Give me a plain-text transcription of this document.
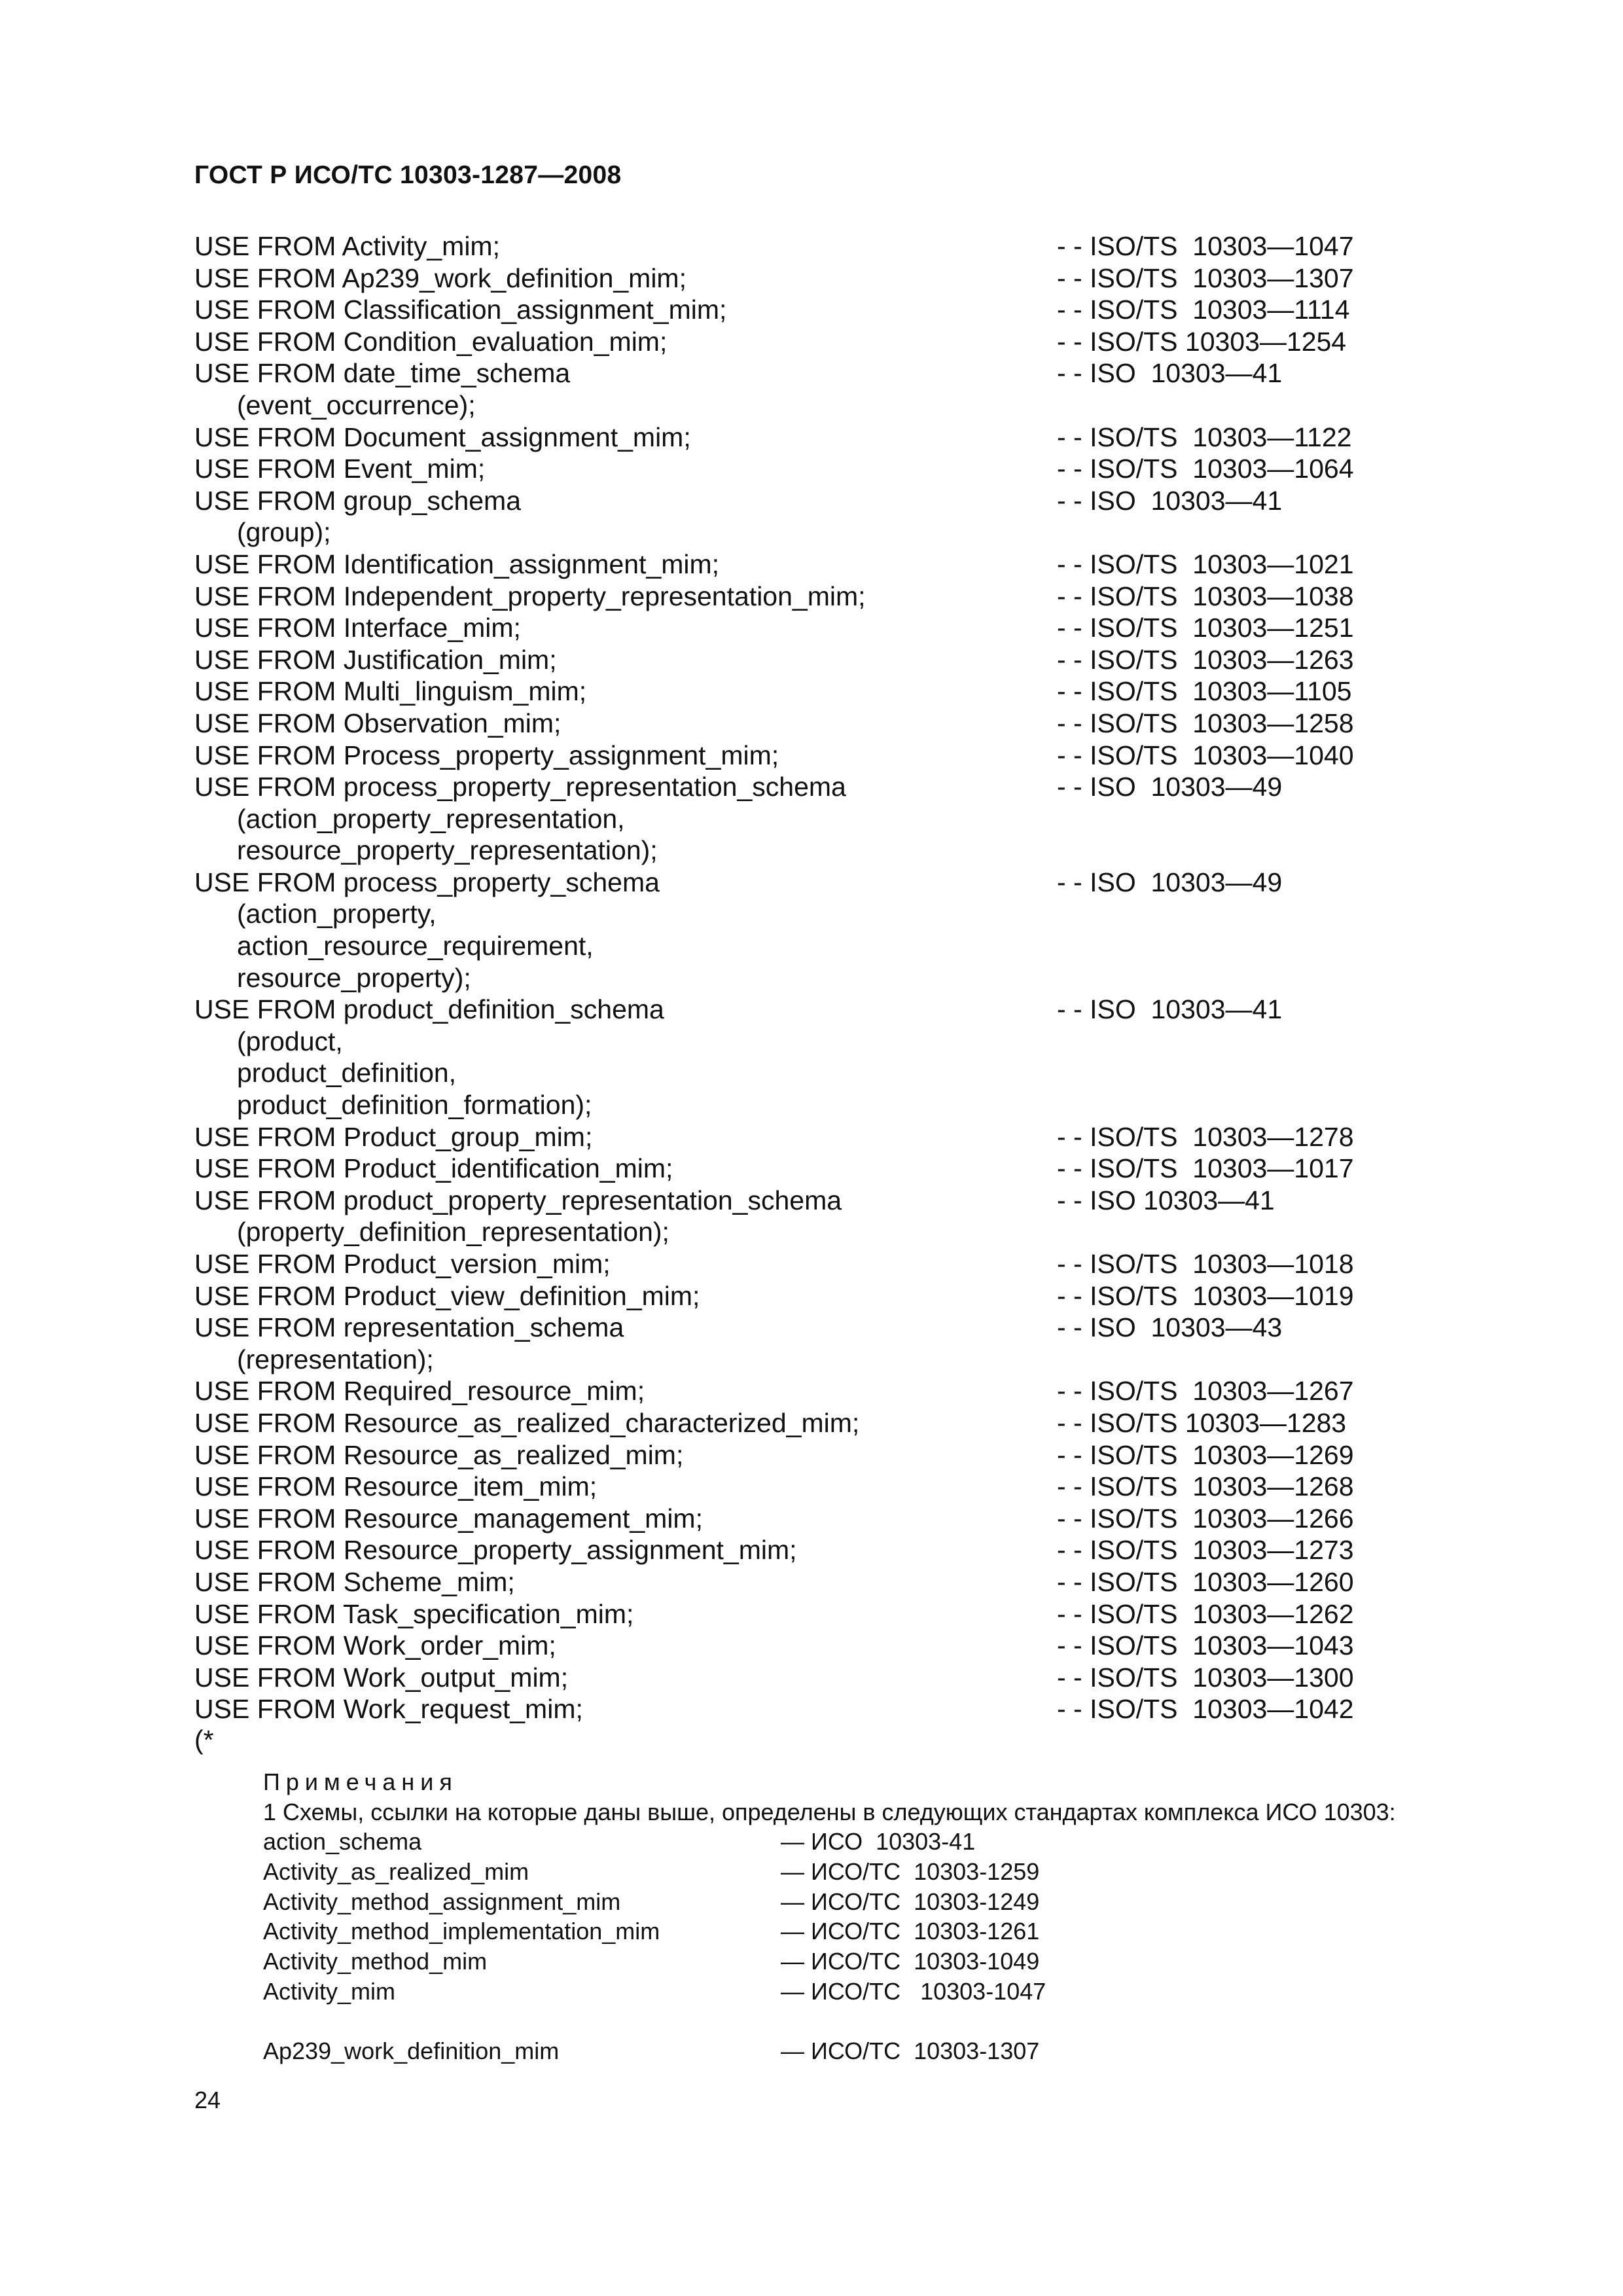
ГОСТ Р ИСО/ТС 10303-1287—2008
USE FROM Activity_mim;	- - ISO/TS  10303—1047
USE FROM Ap239_work_definition_mim;	- - ISO/TS  10303—1307
USE FROM Classification_assignment_mim;	- - ISO/TS  10303—1114
USE FROM Condition_evaluation_mim;	- - ISO/TS 10303—1254
USE FROM date_time_schema
(event_occurrence);
- - ISO  10303—41
USE FROM Document_assignment_mim;	- - ISO/TS  10303—1122
USE FROM Event_mim;	- - ISO/TS  10303—1064
USE FROM group_schema
(group);
- - ISO  10303—41
USE FROM Identification_assignment_mim;	- - ISO/TS  10303—1021
USE FROM Independent_property_representation_mim;	- - ISO/TS  10303—1038
USE FROM Interface_mim;	- - ISO/TS  10303—1251
USE FROM Justification_mim;	- - ISO/TS  10303—1263
USE FROM Multi_linguism_mim;	- - ISO/TS  10303—1105
USE FROM Observation_mim;	- - ISO/TS  10303—1258
USE FROM Process_property_assignment_mim;	- - ISO/TS  10303—1040
USE FROM process_property_representation_schema
(action_property_representation,
resource_property_representation);
- - ISO  10303—49
USE FROM process_property_schema
(action_property,
action_resource_requirement,
resource_property);
- - ISO  10303—49
USE FROM product_definition_schema
(product,
product_definition,
product_definition_formation);
- - ISO  10303—41
USE FROM Product_group_mim;	- - ISO/TS  10303—1278
USE FROM Product_identification_mim;	- - ISO/TS  10303—1017
USE FROM product_property_representation_schema
(property_definition_representation);
- - ISO 10303—41
USE FROM Product_version_mim;	- - ISO/TS  10303—1018
USE FROM Product_view_definition_mim;	- - ISO/TS  10303—1019
USE FROM representation_schema
(representation);
- - ISO  10303—43
USE FROM Required_resource_mim;	- - ISO/TS  10303—1267
USE FROM Resource_as_realized_characterized_mim;	- - ISO/TS 10303—1283
USE FROM Resource_as_realized_mim;	- - ISO/TS  10303—1269
USE FROM Resource_item_mim;	- - ISO/TS  10303—1268
USE FROM Resource_management_mim;	- - ISO/TS  10303—1266
USE FROM Resource_property_assignment_mim;	- - ISO/TS  10303—1273
USE FROM Scheme_mim;	- - ISO/TS  10303—1260
USE FROM Task_specification_mim;	- - ISO/TS  10303—1262
USE FROM Work_order_mim;	- - ISO/TS  10303—1043
USE FROM Work_output_mim;	- - ISO/TS  10303—1300
USE FROM Work_request_mim;	- - ISO/TS  10303—1042
(*
Примечания
1 Схемы, ссылки на которые даны выше, определены в следующих стандартах комплекса ИСО 10303:
action_schema	— ИСО  10303-41
Activity_as_realized_mim	— ИСО/ТС  10303-1259
Activity_method_assignment_mim	— ИСО/ТС  10303-1249
Activity_method_implementation_mim	— ИСО/ТС  10303-1261
Activity_method_mim	— ИСО/ТС  10303-1049
Activity_mim	— ИСО/ТС   10303-1047
Ap239_work_definition_mim	— ИСО/ТС  10303-1307
24
